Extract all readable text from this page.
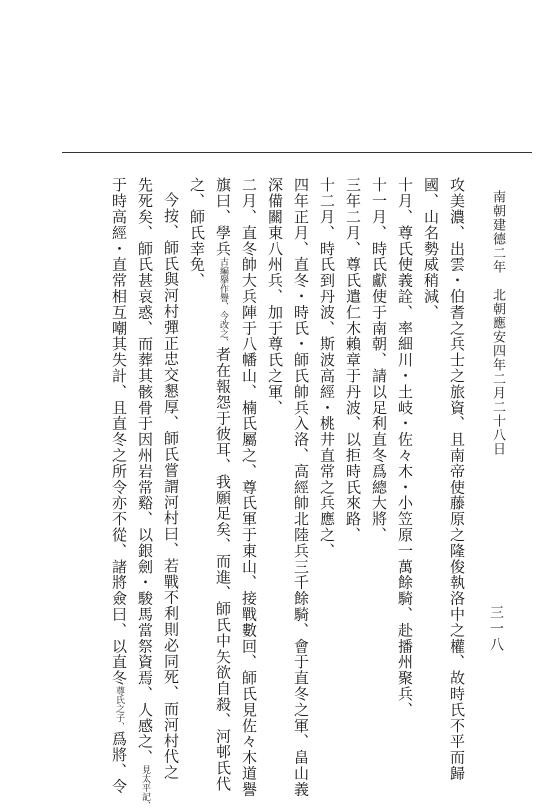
南朝建德二年　北朝應安四年二月二十八日
三一八
攻美濃、出雲・伯耆之兵士之旅資、且南帝使藤原之隆俊執洛中之權、故時氏不平而歸
國、山名勢威稍減、
十月、尊氏使義詮、率細川・土岐・佐々木・小笠原一萬餘騎、赴播州聚兵、
十一月、時氏獻使于南朝、請以足利直冬爲總大將、
三年二月、尊氏遣仁木賴章于丹波、以拒時氏來路、
十二月、時氏到丹波、斯波高經・桃井直常之兵應之、
四年正月、直冬・時氏・師氏帥兵入洛、高經帥北陸兵三千餘騎、會于直冬之軍、畠山義
深備關東八州兵、加于尊氏之軍、
二月、直冬帥大兵陣于八幡山、楠氏屬之、尊氏軍于東山、接戰數回、師氏見佐々木道譽
旗曰、學兵古編擧作譽、今改之、者在報怨于彼耳、我願足矣、而進、師氏中矢欲自殺、河邨氏代
之、師氏幸免、
今按、師氏與河村彈正忠交懇厚、師氏嘗謂河村曰、若戰不利則必同死、而河村代之
先死矣、師氏甚哀惑、而葬其骸骨于因州岩常谿、以銀劍・駿馬當祭資焉、人感之、見太平記、
于時高經・直常相互嘲其失計、且直冬之所令亦不從、諸將僉曰、以直冬尊氏之子、爲將、令
